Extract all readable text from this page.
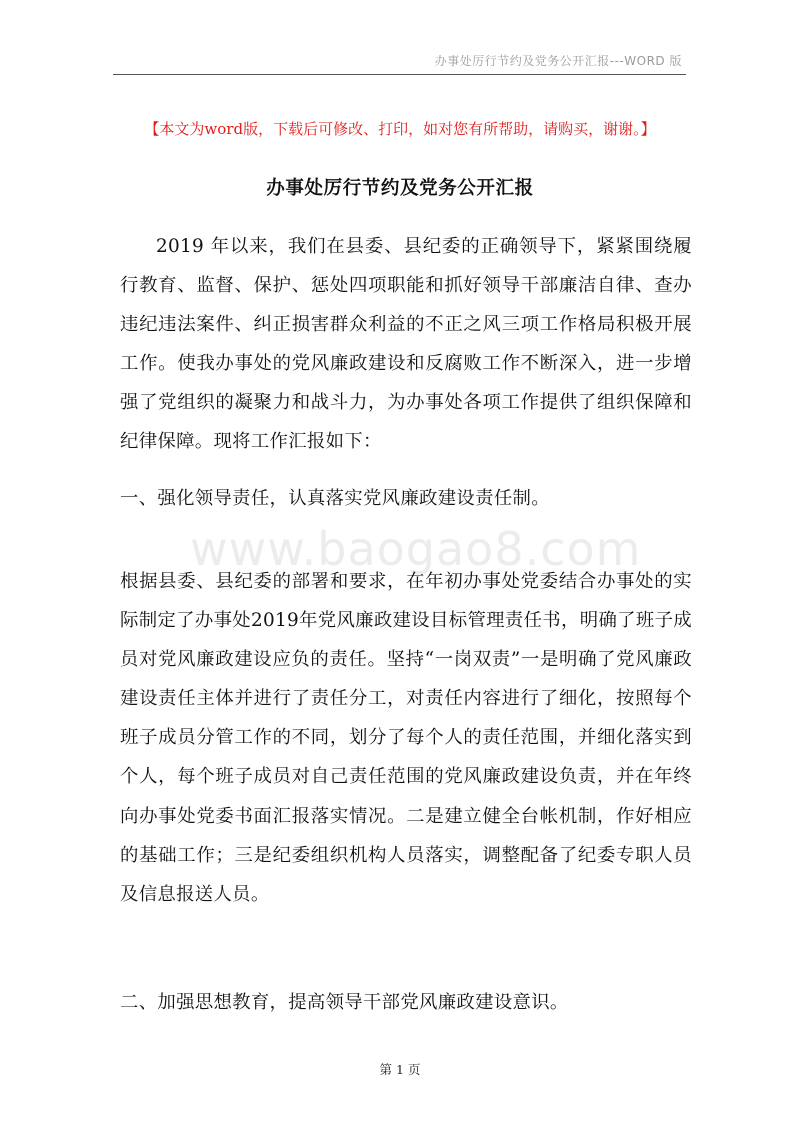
办事处厉行节约及党务公开汇报---WORD 版
【本文为word版，下载后可修改、打印，如对您有所帮助，请购买，谢谢。】
办事处厉行节约及党务公开汇报

2019 年以来，我们在县委、县纪委的正确领导下，紧紧围绕履行教育、监督、保护、惩处四项职能和抓好领导干部廉洁自律、查办违纪违法案件、纠正损害群众利益的不正之风三项工作格局积极开展工作。使我办事处的党风廉政建设和反腐败工作不断深入，进一步增强了党组织的凝聚力和战斗力，为办事处各项工作提供了组织保障和纪律保障。现将工作汇报如下：

一、强化领导责任，认真落实党风廉政建设责任制。

www.baogao8.com

根据县委、县纪委的部署和要求，在年初办事处党委结合办事处的实际制定了办事处2019年党风廉政建设目标管理责任书，明确了班子成员对党风廉政建设应负的责任。坚持“一岗双责”一是明确了党风廉政建设责任主体并进行了责任分工，对责任内容进行了细化，按照每个班子成员分管工作的不同，划分了每个人的责任范围，并细化落实到个人，每个班子成员对自己责任范围的党风廉政建设负责，并在年终向办事处党委书面汇报落实情况。二是建立健全台帐机制，作好相应的基础工作；三是纪委组织机构人员落实，调整配备了纪委专职人员及信息报送人员。

二、加强思想教育，提高领导干部党风廉政建设意识。

第 1 页
